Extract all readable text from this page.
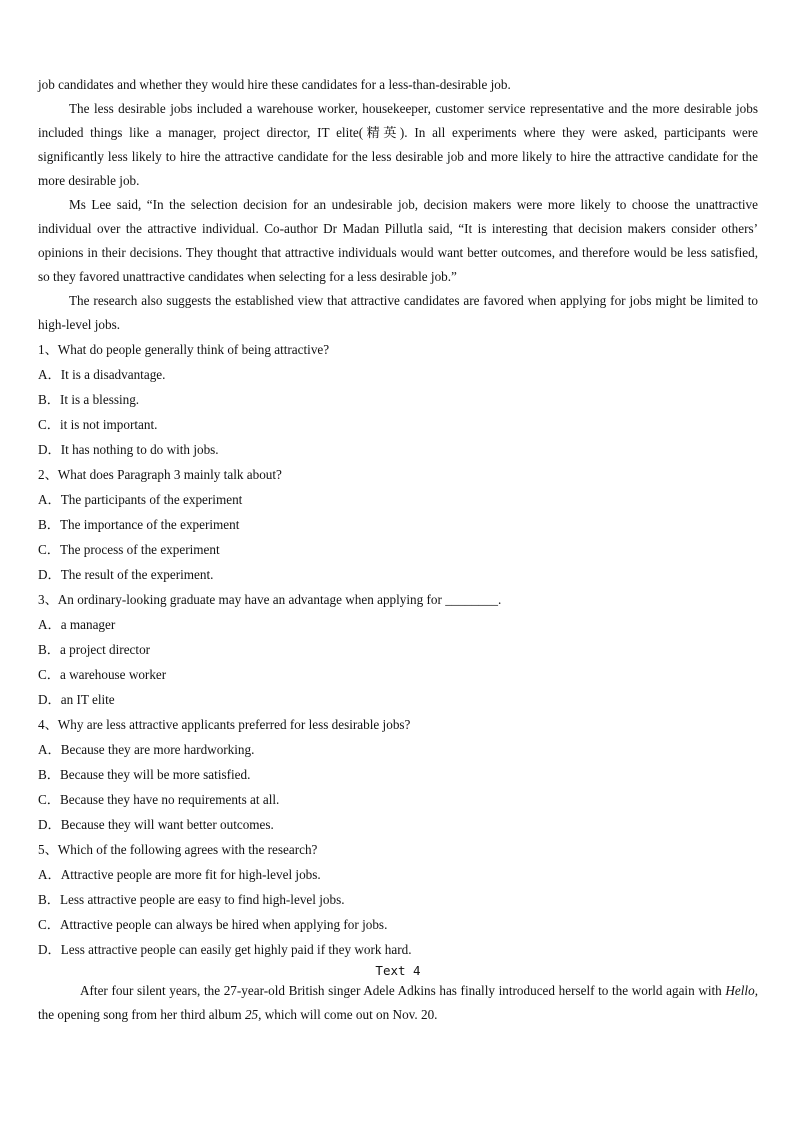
job candidates and whether they would hire these candidates for a less-than-desirable job.

The less desirable jobs included a warehouse worker, housekeeper, customer service representative and the more desirable jobs included things like a manager, project director, IT elite(精英). In all experiments where they were asked, participants were significantly less likely to hire the attractive candidate for the less desirable job and more likely to hire the attractive candidate for the more desirable job.

Ms Lee said, “In the selection decision for an undesirable job, decision makers were more likely to choose the unattractive individual over the attractive individual. Co-author Dr Madan Pillutla said, “It is interesting that decision makers consider others’ opinions in their decisions. They thought that attractive individuals would want better outcomes, and therefore would be less satisfied, so they favored unattractive candidates when selecting for a less desirable job.”

The research also suggests the established view that attractive candidates are favored when applying for jobs might be limited to high-level jobs.

1、What do people generally think of being attractive?

A．It is a disadvantage.

B．It is a blessing.

C．it is not important.

D．It has nothing to do with jobs.

2、What does Paragraph 3 mainly talk about?

A．The participants of the experiment

B．The importance of the experiment

C．The process of the experiment

D．The result of the experiment.

3、An ordinary-looking graduate may have an advantage when applying for ________.

A．a manager

B．a project director

C．a warehouse worker

D．an IT elite

4、Why are less attractive applicants preferred for less desirable jobs?

A．Because they are more hardworking.

B．Because they will be more satisfied.

C．Because they have no requirements at all.

D．Because they will want better outcomes.

5、Which of the following agrees with the research?

A．Attractive people are more fit for high-level jobs.

B．Less attractive people are easy to find high-level jobs.

C．Attractive people can always be hired when applying for jobs.

D．Less attractive people can easily get highly paid if they work hard.

Text 4

After four silent years, the 27-year-old British singer Adele Adkins has finally introduced herself to the world again with Hello, the opening song from her third album 25, which will come out on Nov. 20.
